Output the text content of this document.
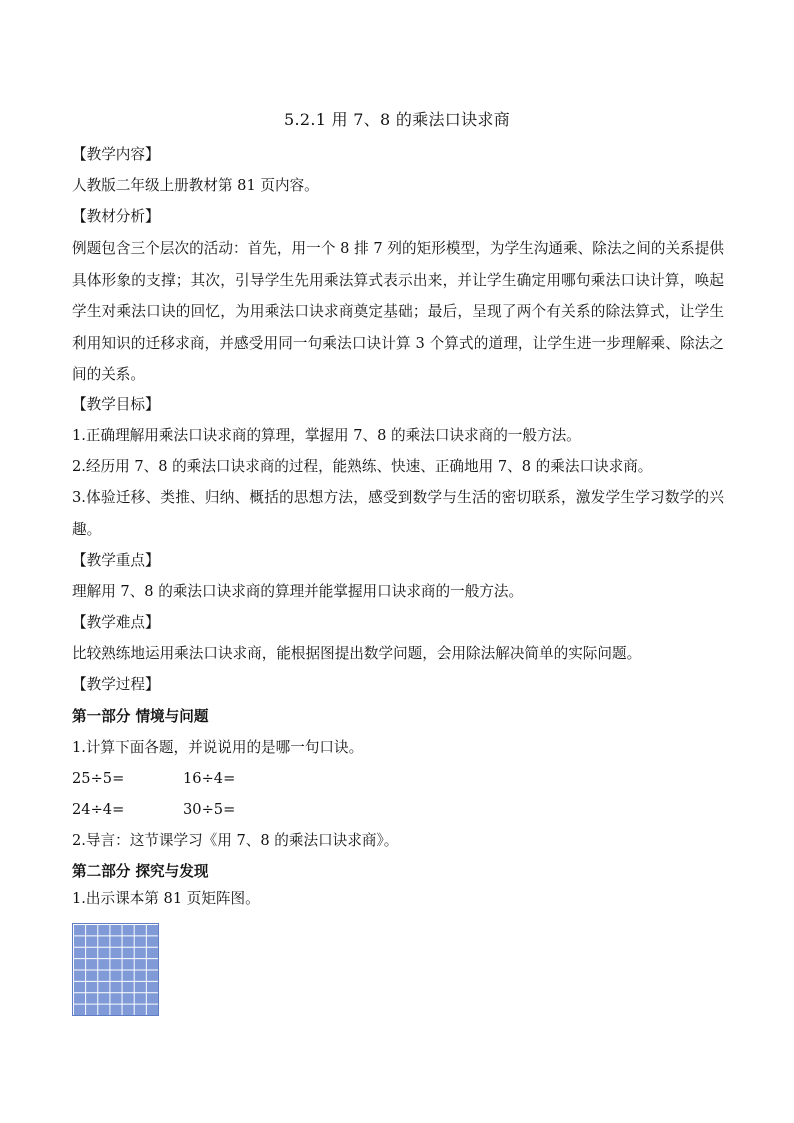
5.2.1 用 7、8 的乘法口诀求商
【教学内容】
人教版二年级上册教材第 81 页内容。
【教材分析】
例题包含三个层次的活动：首先，用一个 8 排 7 列的矩形模型，为学生沟通乘、除法之间的关系提供具体形象的支撑；其次，引导学生先用乘法算式表示出来，并让学生确定用哪句乘法口诀计算，唤起学生对乘法口诀的回忆，为用乘法口诀求商奠定基础；最后，呈现了两个有关系的除法算式，让学生利用知识的迁移求商，并感受用同一句乘法口诀计算 3 个算式的道理，让学生进一步理解乘、除法之间的关系。
【教学目标】
1.正确理解用乘法口诀求商的算理，掌握用 7、8 的乘法口诀求商的一般方法。
2.经历用 7、8 的乘法口诀求商的过程，能熟练、快速、正确地用 7、8 的乘法口诀求商。
3.体验迁移、类推、归纳、概括的思想方法，感受到数学与生活的密切联系，激发学生学习数学的兴趣。
【教学重点】
理解用 7、8 的乘法口诀求商的算理并能掌握用口诀求商的一般方法。
【教学难点】
比较熟练地运用乘法口诀求商，能根据图提出数学问题，会用除法解决简单的实际问题。
【教学过程】
第一部分 情境与问题
1.计算下面各题，并说说用的是哪一句口诀。
25÷5=	16÷4=
24÷4=	30÷5=
2.导言：这节课学习《用 7、8 的乘法口诀求商》。
第二部分 探究与发现
1.出示课本第 81 页矩阵图。
